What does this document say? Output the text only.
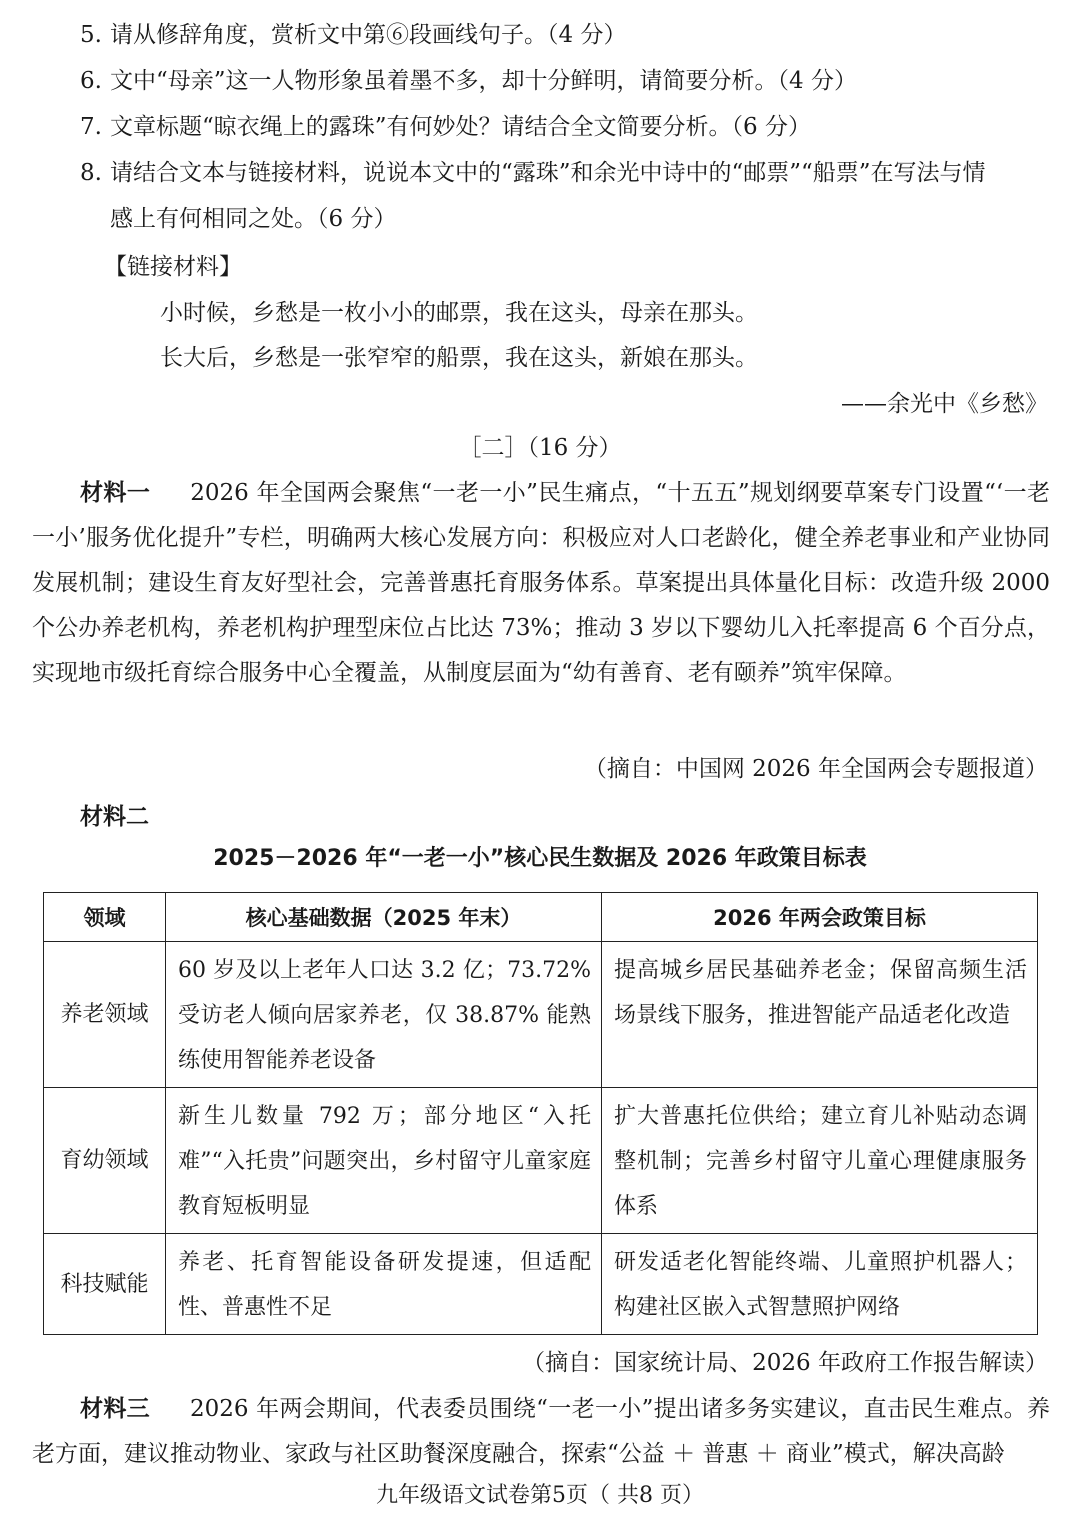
5. 请从修辞角度，赏析文中第⑥段画线句子。（4 分）
6. 文中“母亲”这一人物形象虽着墨不多，却十分鲜明，请简要分析。（4 分）
7. 文章标题“晾衣绳上的露珠”有何妙处？请结合全文简要分析。（6 分）
8. 请结合文本与链接材料，说说本文中的“露珠”和余光中诗中的“邮票”“船票”在写法与情
感上有何相同之处。（6 分）
【链接材料】
小时候，乡愁是一枚小小的邮票，我在这头，母亲在那头。
长大后，乡愁是一张窄窄的船票，我在这头，新娘在那头。
——余光中《乡愁》
［二］（16 分）
材料一 2026 年全国两会聚焦“一老一小”民生痛点，“十五五”规划纲要草案专门设置“‘一老一小’服务优化提升”专栏，明确两大核心发展方向：积极应对人口老龄化，健全养老事业和产业协同发展机制；建设生育友好型社会，完善普惠托育服务体系。草案提出具体量化目标：改造升级 2000 个公办养老机构，养老机构护理型床位占比达 73%；推动 3 岁以下婴幼儿入托率提高 6 个百分点，实现地市级托育综合服务中心全覆盖，从制度层面为“幼有善育、老有颐养”筑牢保障。
（摘自：中国网 2026 年全国两会专题报道）
材料二
2025－2026 年“一老一小”核心民生数据及 2026 年政策目标表
领域	核心基础数据（2025 年末）	2026 年两会政策目标
养老领域	60 岁及以上老年人口达 3.2 亿；73.72% 受访老人倾向居家养老，仅 38.87% 能熟练使用智能养老设备	提高城乡居民基础养老金；保留高频生活场景线下服务，推进智能产品适老化改造
育幼领域	新生儿数量 792 万；部分地区“入托难”“入托贵”问题突出，乡村留守儿童家庭教育短板明显	扩大普惠托位供给；建立育儿补贴动态调整机制；完善乡村留守儿童心理健康服务体系
科技赋能	养老、托育智能设备研发提速，但适配性、普惠性不足	研发适老化智能终端、儿童照护机器人；构建社区嵌入式智慧照护网络
（摘自：国家统计局、2026 年政府工作报告解读）
材料三 2026 年两会期间，代表委员围绕“一老一小”提出诸多务实建议，直击民生难点。养老方面，建议推动物业、家政与社区助餐深度融合，探索“公益 ＋ 普惠 ＋ 商业”模式，解决高龄
九年级语文试卷第5页（ 共8 页）
